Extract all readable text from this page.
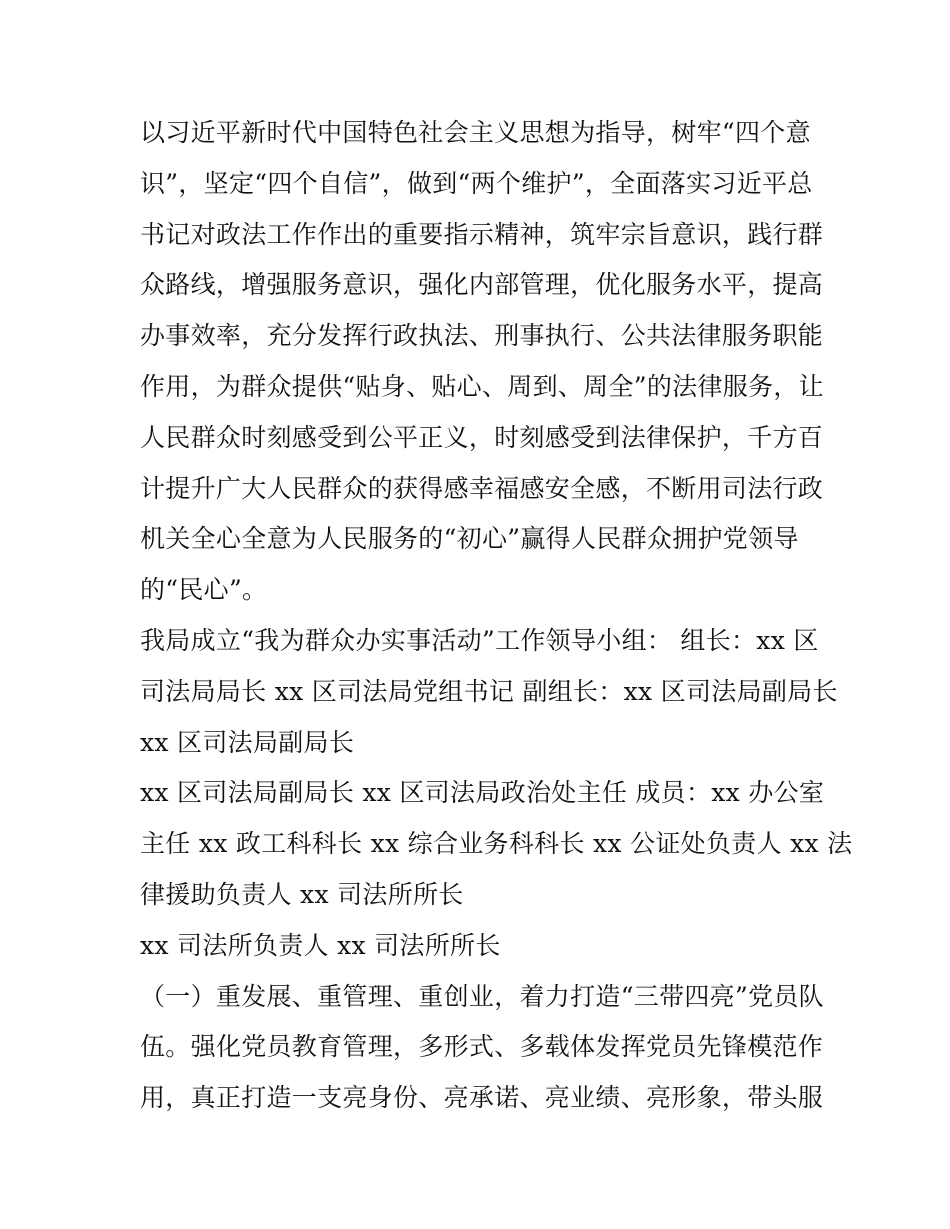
以习近平新时代中国特色社会主义思想为指导，树牢“四个意
识”，坚定“四个自信”，做到“两个维护”，全面落实习近平总
书记对政法工作作出的重要指示精神，筑牢宗旨意识，践行群
众路线，增强服务意识，强化内部管理，优化服务水平，提高
办事效率，充分发挥行政执法、刑事执行、公共法律服务职能
作用，为群众提供“贴身、贴心、周到、周全”的法律服务，让
人民群众时刻感受到公平正义，时刻感受到法律保护，千方百
计提升广大人民群众的获得感幸福感安全感，不断用司法行政
机关全心全意为人民服务的“初心”赢得人民群众拥护党领导
的“民心”。
我局成立“我为群众办实事活动”工作领导小组： 组长：xx 区
司法局局长 xx 区司法局党组书记 副组长：xx 区司法局副局长
xx 区司法局副局长
xx 区司法局副局长 xx 区司法局政治处主任 成员：xx 办公室
主任 xx 政工科科长 xx 综合业务科科长 xx 公证处负责人 xx 法
律援助负责人 xx 司法所所长
xx 司法所负责人 xx 司法所所长
（一）重发展、重管理、重创业，着力打造“三带四亮”党员队
伍。强化党员教育管理，多形式、多载体发挥党员先锋模范作
用，真正打造一支亮身份、亮承诺、亮业绩、亮形象，带头服
